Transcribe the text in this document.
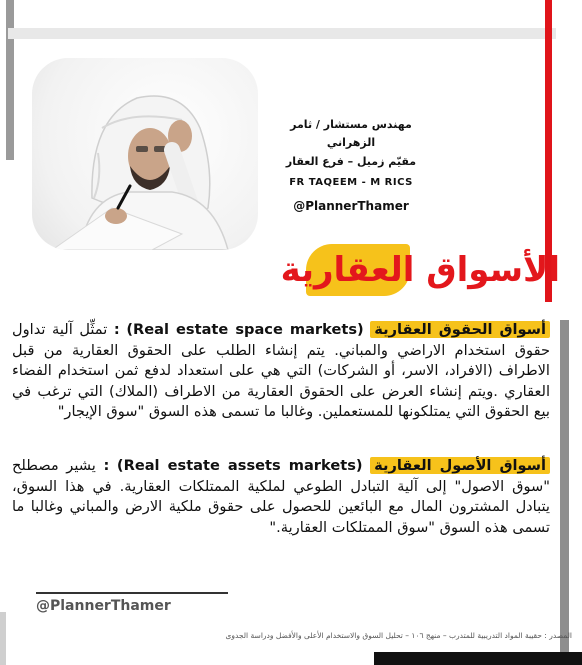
مهندس مستشار / ثامر الزهراني
مقيّم زميل – فرع العقار
FR TAQEEM - M RICS
@PlannerThamer
الأسواق العقارية
أسواق الحقوق العقارية (Real estate space markets) : تمثِّل آلية تداول حقوق استخدام الاراضي والمباني. يتم إنشاء الطلب على الحقوق العقارية من قبل الاطراف (الافراد، الاسر، أو الشركات) التي هي على استعداد لدفع ثمن استخدام الفضاء العقاري .ويتم إنشاء العرض على الحقوق العقارية من الاطراف (الملاك) التي ترغب في بيع الحقوق التي يمتلكونها للمستعملين. وغالبا ما تسمى هذه السوق "سوق الإيجار"
أسواق الأصول العقارية (Real estate assets markets) : يشير مصطلح "سوق الاصول" إلى آلية التبادل الطوعي لملكية الممتلكات العقارية. في هذا السوق، يتبادل المشترون المال مع البائعين للحصول على حقوق ملكية الارض والمباني وغالبا ما تسمى هذه السوق "سوق الممتلكات العقارية."
@PlannerThamer
المصدر : حقيبة المواد التدريبية للمتدرب – منهج ١٠٦ – تحليل السوق والاستخدام الأعلى والأفضل ودراسة الجدوى
